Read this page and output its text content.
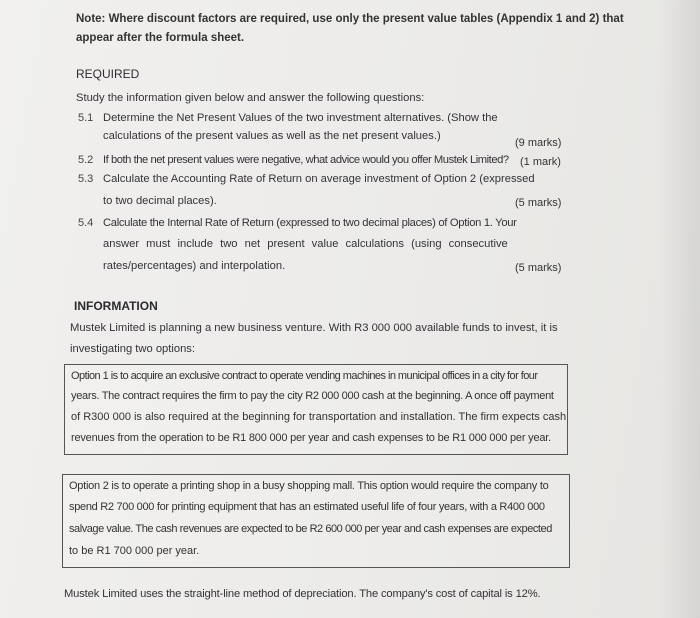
Note: Where discount factors are required, use only the present value tables (Appendix 1 and 2) that
appear after the formula sheet.
REQUIRED
Study the information given below and answer the following questions:
5.1 Determine the Net Present Values of the two investment alternatives. (Show the
calculations of the present values as well as the net present values.)
(9 marks)
5.2 If both the net present values were negative, what advice would you offer Mustek Limited? (1 mark)
5.3 Calculate the Accounting Rate of Return on average investment of Option 2 (expressed
to two decimal places).	(5 marks)
5.4 Calculate the Internal Rate of Return (expressed to two decimal places) of Option 1. Your
answer must include two net present value calculations (using consecutive
rates/percentages) and interpolation.	(5 marks)
INFORMATION
Mustek Limited is planning a new business venture. With R3 000 000 available funds to invest, it is
investigating two options:
Option 1 is to acquire an exclusive contract to operate vending machines in municipal offices in a city for four
years. The contract requires the firm to pay the city R2 000 000 cash at the beginning. A once off payment
of R300 000 is also required at the beginning for transportation and installation. The firm expects cash
revenues from the operation to be R1 800 000 per year and cash expenses to be R1 000 000 per year.
Option 2 is to operate a printing shop in a busy shopping mall. This option would require the company to
spend R2 700 000 for printing equipment that has an estimated useful life of four years, with a R400 000
salvage value. The cash revenues are expected to be R2 600 000 per year and cash expenses are expected
to be R1 700 000 per year.
Mustek Limited uses the straight-line method of depreciation. The company's cost of capital is 12%.
